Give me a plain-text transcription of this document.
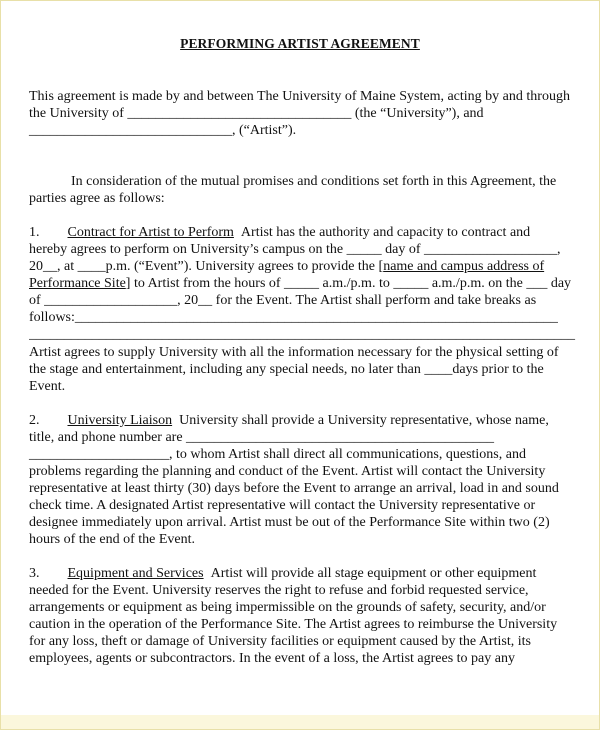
PERFORMING ARTIST AGREEMENT
This agreement is made by and between The University of Maine System, acting by and through
the University of ________________________________ (the “University”), and
_____________________________, (“Artist”).
In consideration of the mutual promises and conditions set forth in this Agreement, the
parties agree as follows:
1. Contract for Artist to Perform Artist has the authority and capacity to contract and
hereby agrees to perform on University’s campus on the _____ day of ___________________,
20__, at ____p.m. (“Event”). University agrees to provide the [name and campus address of
Performance Site] to Artist from the hours of _____ a.m./p.m. to _____ a.m./p.m. on the ___ day
of ___________________, 20__ for the Event. The Artist shall perform and take breaks as
follows:_____________________________________________________________________
______________________________________________________________________________
Artist agrees to supply University with all the information necessary for the physical setting of
the stage and entertainment, including any special needs, no later than ____days prior to the
Event.
2. University Liaison University shall provide a University representative, whose name,
title, and phone number are ____________________________________________
____________________, to whom Artist shall direct all communications, questions, and
problems regarding the planning and conduct of the Event. Artist will contact the University
representative at least thirty (30) days before the Event to arrange an arrival, load in and sound
check time. A designated Artist representative will contact the University representative or
designee immediately upon arrival. Artist must be out of the Performance Site within two (2)
hours of the end of the Event.
3. Equipment and Services Artist will provide all stage equipment or other equipment
needed for the Event. University reserves the right to refuse and forbid requested service,
arrangements or equipment as being impermissible on the grounds of safety, security, and/or
caution in the operation of the Performance Site. The Artist agrees to reimburse the University
for any loss, theft or damage of University facilities or equipment caused by the Artist, its
employees, agents or subcontractors. In the event of a loss, the Artist agrees to pay any
